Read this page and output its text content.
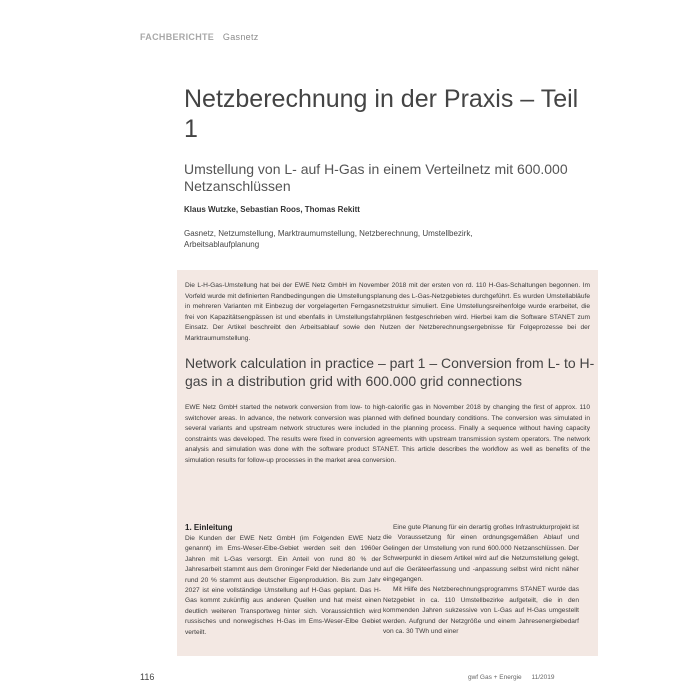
FACHBERICHTE Gasnetz
Netzberechnung in der Praxis – Teil 1
Umstellung von L- auf H-Gas in einem Verteilnetz mit 600.000 Netzanschlüssen
Klaus Wutzke, Sebastian Roos, Thomas Rekitt
Gasnetz, Netzumstellung, Marktraumumstellung, Netzberechnung, Umstellbezirk, Arbeitsablaufplanung

Die L-H-Gas-Umstellung hat bei der EWE Netz GmbH im November 2018 mit der ersten von rd. 110 H-Gas-Schaltungen begonnen. Im Vorfeld wurde mit definierten Randbedingungen die Umstellungsplanung des L-Gas-Netzgebietes durchgeführt. Es wurden Umstellabläufe in mehreren Varianten mit Einbezug der vorgelagerten Ferngasnetzstruktur simuliert. Eine Umstellungsreihenfolge wurde erarbeitet, die frei von Kapazitätsengpässen ist und ebenfalls in Umstellungsfahrplänen festgeschrieben wird. Hierbei kam die Software STANET zum Einsatz. Der Artikel beschreibt den Arbeitsablauf sowie den Nutzen der Netzberechnungsergebnisse für Folgeprozesse bei der Marktraumumstellung.

Network calculation in practice – part 1 – Conversion from L- to H-gas in a distribution grid with 600.000 grid connections

EWE Netz GmbH started the network conversion from low- to high-calorific gas in November 2018 by changing the first of approx. 110 switchover areas. In advance, the network conversion was planned with defined boundary conditions. The conversion was simulated in several variants and upstream network structures were included in the planning process. Finally a sequence without having capacity constraints was developed. The results were fixed in conversion agreements with upstream transmission system operators. The network analysis and simulation was done with the software product STANET. This article describes the workflow as well as benefits of the simulation results for follow-up processes in the market area conversion.

1. Einleitung

Die Kunden der EWE Netz GmbH (im Folgenden EWE Netz genannt) im Ems-Weser-Elbe-Gebiet werden seit den 1960er Jahren mit L-Gas versorgt. Ein Anteil von rund 80 % der Jahresarbeit stammt aus dem Groninger Feld der Niederlande und rund 20 % stammt aus deutscher Eigenproduktion. Bis zum Jahr 2027 ist eine vollständige Umstellung auf H-Gas geplant. Das H-Gas kommt zukünftig aus anderen Quellen und hat meist einen deutlich weiteren Transportweg hinter sich. Voraussichtlich wird russisches und norwegisches H-Gas im Ems-Weser-Elbe Gebiet verteilt.

Eine gute Planung für ein derartig großes Infrastrukturprojekt ist die Voraussetzung für einen ordnungsgemäßen Ablauf und Gelingen der Umstellung von rund 600.000 Netzanschlüssen. Der Schwerpunkt in diesem Artikel wird auf die Netzumstellung gelegt, auf die Geräteerfassung und -anpassung selbst wird nicht näher eingegangen.

Mit Hilfe des Netzberechnungsprogramms STANET wurde das Netzgebiet in ca. 110 Umstellbezirke aufgeteilt, die in den kommenden Jahren sukzessive von L-Gas auf H-Gas umgestellt werden. Aufgrund der Netzgröße und einem Jahresenergiebedarf von ca. 30 TWh und einer

116	gwf Gas + Energie 11/2019
